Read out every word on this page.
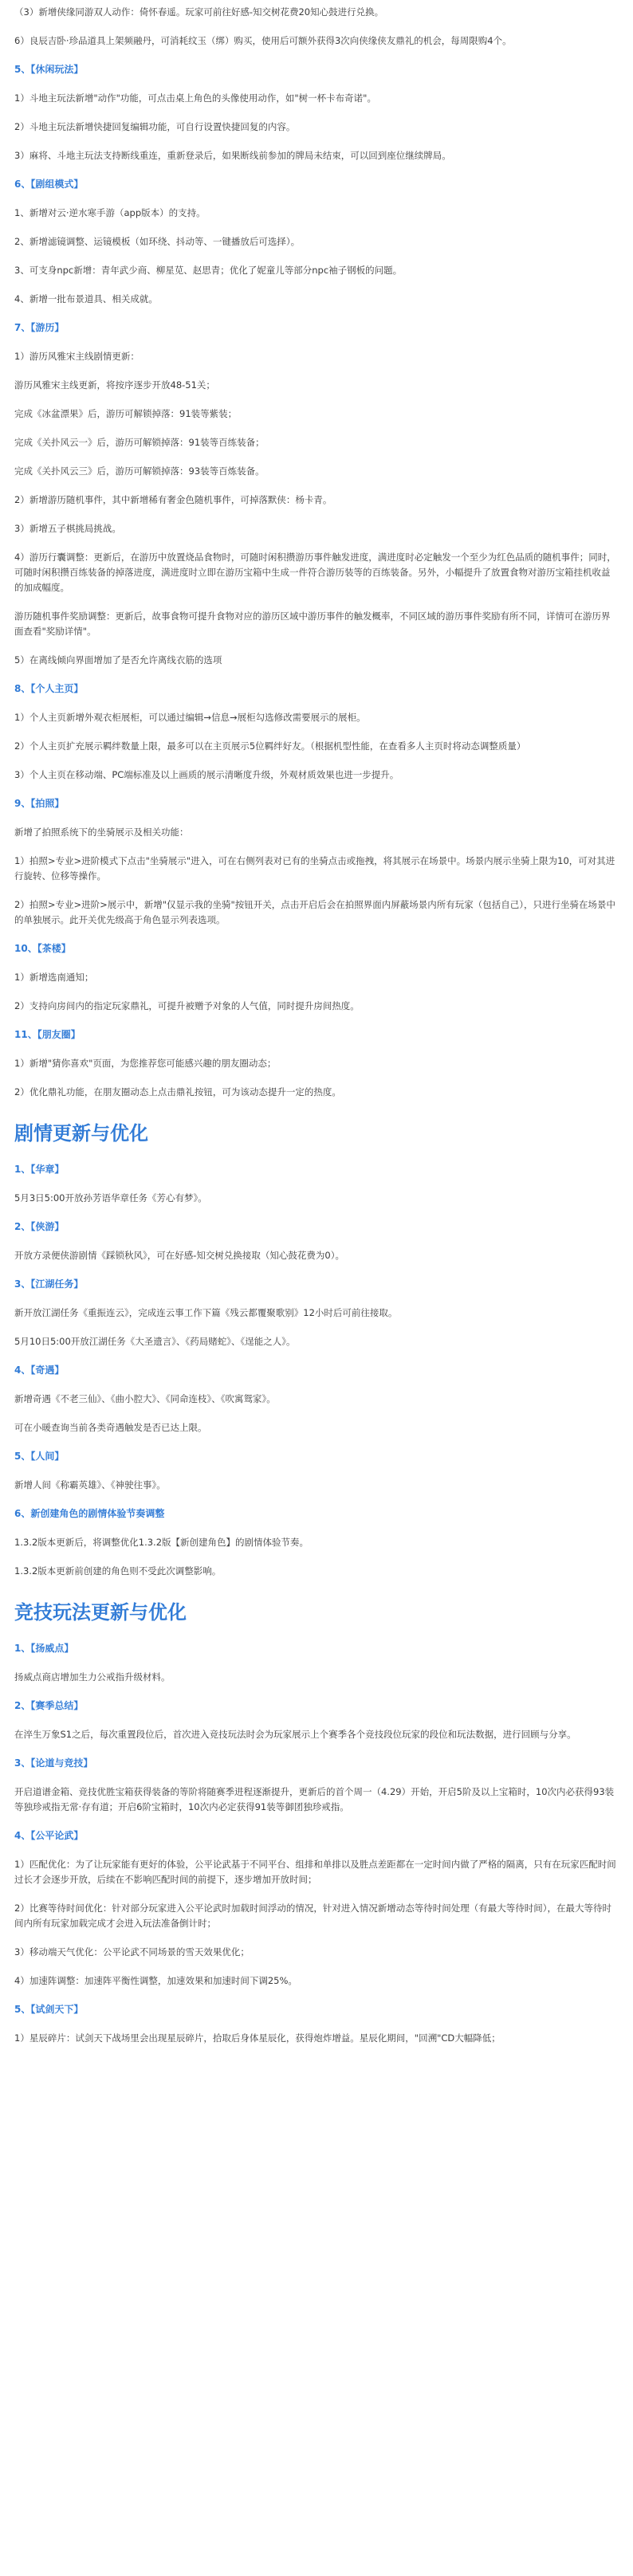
（3）新增侠缘同游双人动作：倚怀春遥。玩家可前往好感-知交树花费20知心鼓进行兑换。
6）良辰吉卧·珍品道具上架频融丹，可消耗纹玉（绑）购买，使用后可额外获得3次向侠缘侠友鼎礼的机会，每周限购4个。
5、【休闲玩法】
1）斗地主玩法新增"动作"功能，可点击桌上角色的头像使用动作，如"树一杯卡布奇诺"。
2）斗地主玩法新增快捷回复编辑功能，可自行设置快捷回复的内容。
3）麻将、斗地主玩法支持断线重连，重新登录后，如果断线前参加的牌局未结束，可以回到座位继续牌局。
6、【剧组模式】
1、新增对云·逆水寒手游（app版本）的支持。
2、新增滤镜调整、运镜模板（如环绕、抖动等、一键播放后可选择）。
3、可支身npc新增：青年武少商、柳星苋、赵思青；优化了妮童儿等部分npc袖子钢板的问题。
4、新增一批布景道具、相关成就。
7、【游历】
1）游历风雅宋主线剧情更新：
游历风雅宋主线更新，将按序逐步开放48-51关；
完成《冰盆漂果》后，游历可解锁掉落：91装等紫装；
完成《关扑风云一》后，游历可解锁掉落：91装等百练装备；
完成《关扑风云三》后，游历可解锁掉落：93装等百炼装备。
2）新增游历随机事件，其中新增稀有奢金色随机事件，可掉落默侠：杨卡青。
3）新增五子棋挑局挑战。
4）游历行囊调整：更新后，在游历中放置烧品食物时，可随时闲积攒游历事件触发进度，满进度时必定触发一个至少为红色品质的随机事件；同时，可随时闲积攒百练装备的掉落进度，满进度时立即在游历宝箱中生成一件符合游历装等的百练装备。另外，小幅提升了放置食物对游历宝箱挂机收益的加成幅度。
游历随机事件奖励调整：更新后，故事食物可提升食物对应的游历区域中游历事件的触发概率，不同区域的游历事件奖励有所不同，详情可在游历界面查看"奖励详情"。
5）在离线倾向界面增加了是否允许离线衣筋的选项
8、【个人主页】
1）个人主页新增外观衣柜展柜，可以通过编辑→信息→展柜勾选修改需要展示的展柜。
2）个人主页扩充展示羁绊数量上限，最多可以在主页展示5位羁绊好友。（根据机型性能，在查看多人主页时将动态调整质量）
3）个人主页在移动端、PC端标准及以上画质的展示清晰度升级，外观材质效果也进一步提升。
9、【拍照】
新增了拍照系统下的坐骑展示及相关功能：
1）拍照>专业>进阶模式下点击"坐骑展示"进入，可在右侧列表对已有的坐骑点击或拖拽，将其展示在场景中。场景内展示坐骑上限为10，可对其进行旋转、位移等操作。
2）拍照>专业>进阶>展示中，新增"仅显示我的坐骑"按钮开关，点击开启后会在拍照界面内屏蔽场景内所有玩家（包括自己），只进行坐骑在场景中的单独展示。此开关优先级高于角色显示列表选项。
10、【茶楼】
1）新增选南通知；
2）支持向房间内的指定玩家鼎礼，可提升被赠予对象的人气值，同时提升房间热度。
11、【朋友圈】
1）新增"猜你喜欢"页面，为您推荐您可能感兴趣的朋友圈动态；
2）优化鼎礼功能，在朋友圈动态上点击鼎礼按钮，可为该动态提升一定的热度。
剧情更新与优化
1、【华章】
5月3日5:00开放孙芳语华章任务《芳心有梦》。
2、【侠游】
开放方录便侠游剧情《踩锁秋风》，可在好感-知交树兑换接取（知心鼓花费为0）。
3、【江湖任务】
新开放江湖任务《重振连云》，完成连云事工作下篇《残云都覆聚歌别》12小时后可前往接取。
5月10日5:00开放江湖任务《大圣遗言》、《药局赌蛇》、《逞能之人》。
4、【奇遇】
新增奇遇《不老三仙》、《曲小腔大》、《同命连枝》、《吹寓鸳家》。
可在小暖查询当前各类奇遇触发是否已达上限。
5、【人间】
新增人间《称霸英雄》、《神驶往事》。
6、新创建角色的剧情体验节奏调整
1.3.2版本更新后，将调整优化1.3.2版【新创建角色】的剧情体验节奏。
1.3.2版本更新前创建的角色则不受此次调整影响。
竞技玩法更新与优化
1、【扬威点】
扬威点商店增加生力公戒指升级材料。
2、【赛季总结】
在淬生万象S1之后，每次重置段位后，首次进入竞技玩法时会为玩家展示上个赛季各个竞技段位玩家的段位和玩法数据，进行回顾与分享。
3、【论道与竞技】
开启道谱金箱、竞技优胜宝箱获得装备的等阶将随赛季进程逐渐提升，更新后的首个周一（4.29）开始，开启5阶及以上宝箱时，10次内必获得93装等独珍戒指无常·存有道；开启6阶宝箱时，10次内必定获得91装等御团独珍戒指。
4、【公平论武】
1）匹配优化：为了让玩家能有更好的体验，公平论武基于不同平台、组排和单排以及胜点差距都在一定时间内做了严格的隔离，只有在玩家匹配时间过长才会逐步开放，后续在不影响匹配时间的前提下，逐步增加开放时间；
2）比赛等待时间优化：针对部分玩家进入公平论武时加载时间浮动的情况，针对进入情况新增动态等待时间处理（有最大等待时间），在最大等待时间内所有玩家加载完成才会进入玩法准备倒计时；
3）移动端天气优化：公平论武不同场景的雪天效果优化；
4）加速阵调整：加速阵平衡性调整，加速效果和加速时间下调25%。
5、【试剑天下】
1）星辰碎片：试剑天下战场里会出现星辰碎片，拾取后身体星辰化，获得炮炸增益。星辰化期间，"回溯"CD大幅降低；
